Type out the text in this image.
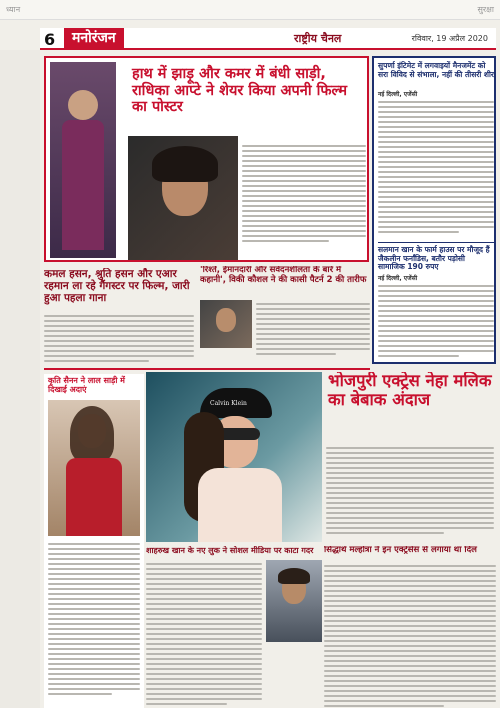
ध्यान	सुरक्षा
6	मनोरंजन	राष्ट्रीय चैनल	रविवार, 19 अप्रैल 2020
हाथ में झाड़ू और कमर में बंधी साड़ी, राधिका आप्टे ने शेयर किया अपनी फिल्म का पोस्टर
सुपर्णा इंटिमेट में लगवाइयों मैनजमेंट को सरा विविद से संभाला, नहीं की तीसरी शीर
नई दिल्ली, एजेंसी
सलमान खान के फार्म हाउस पर मौजूद हैं जैकलीन फर्नांडिस, बतौर पड़ोसी सामाजिक 190 रुपए
नई दिल्ली, एजेंसी
कमल हसन, श्रुति हसन और एआर रहमान ला रहे गैंगस्टर पर फिल्म, जारी हुआ पहला गाना
'रिश्ते, ईमानदारी और संवेदनशीलता के बारे में कहानी', विकी कौशल ने की कासी पैटर्न 2 की तारीफ
कृति सैनन ने लाल साड़ी में दिखाई अदाएं
Calvin Klein
भोजपुरी एक्ट्रेस नेहा मलिक का बेबाक अंदाज
शाहरुख खान के नए लुक ने सोशल मीडिया पर काटा गदर	सिद्धार्थ मल्होत्रा ने इन एक्ट्रेसेस से लगाया था दिल
